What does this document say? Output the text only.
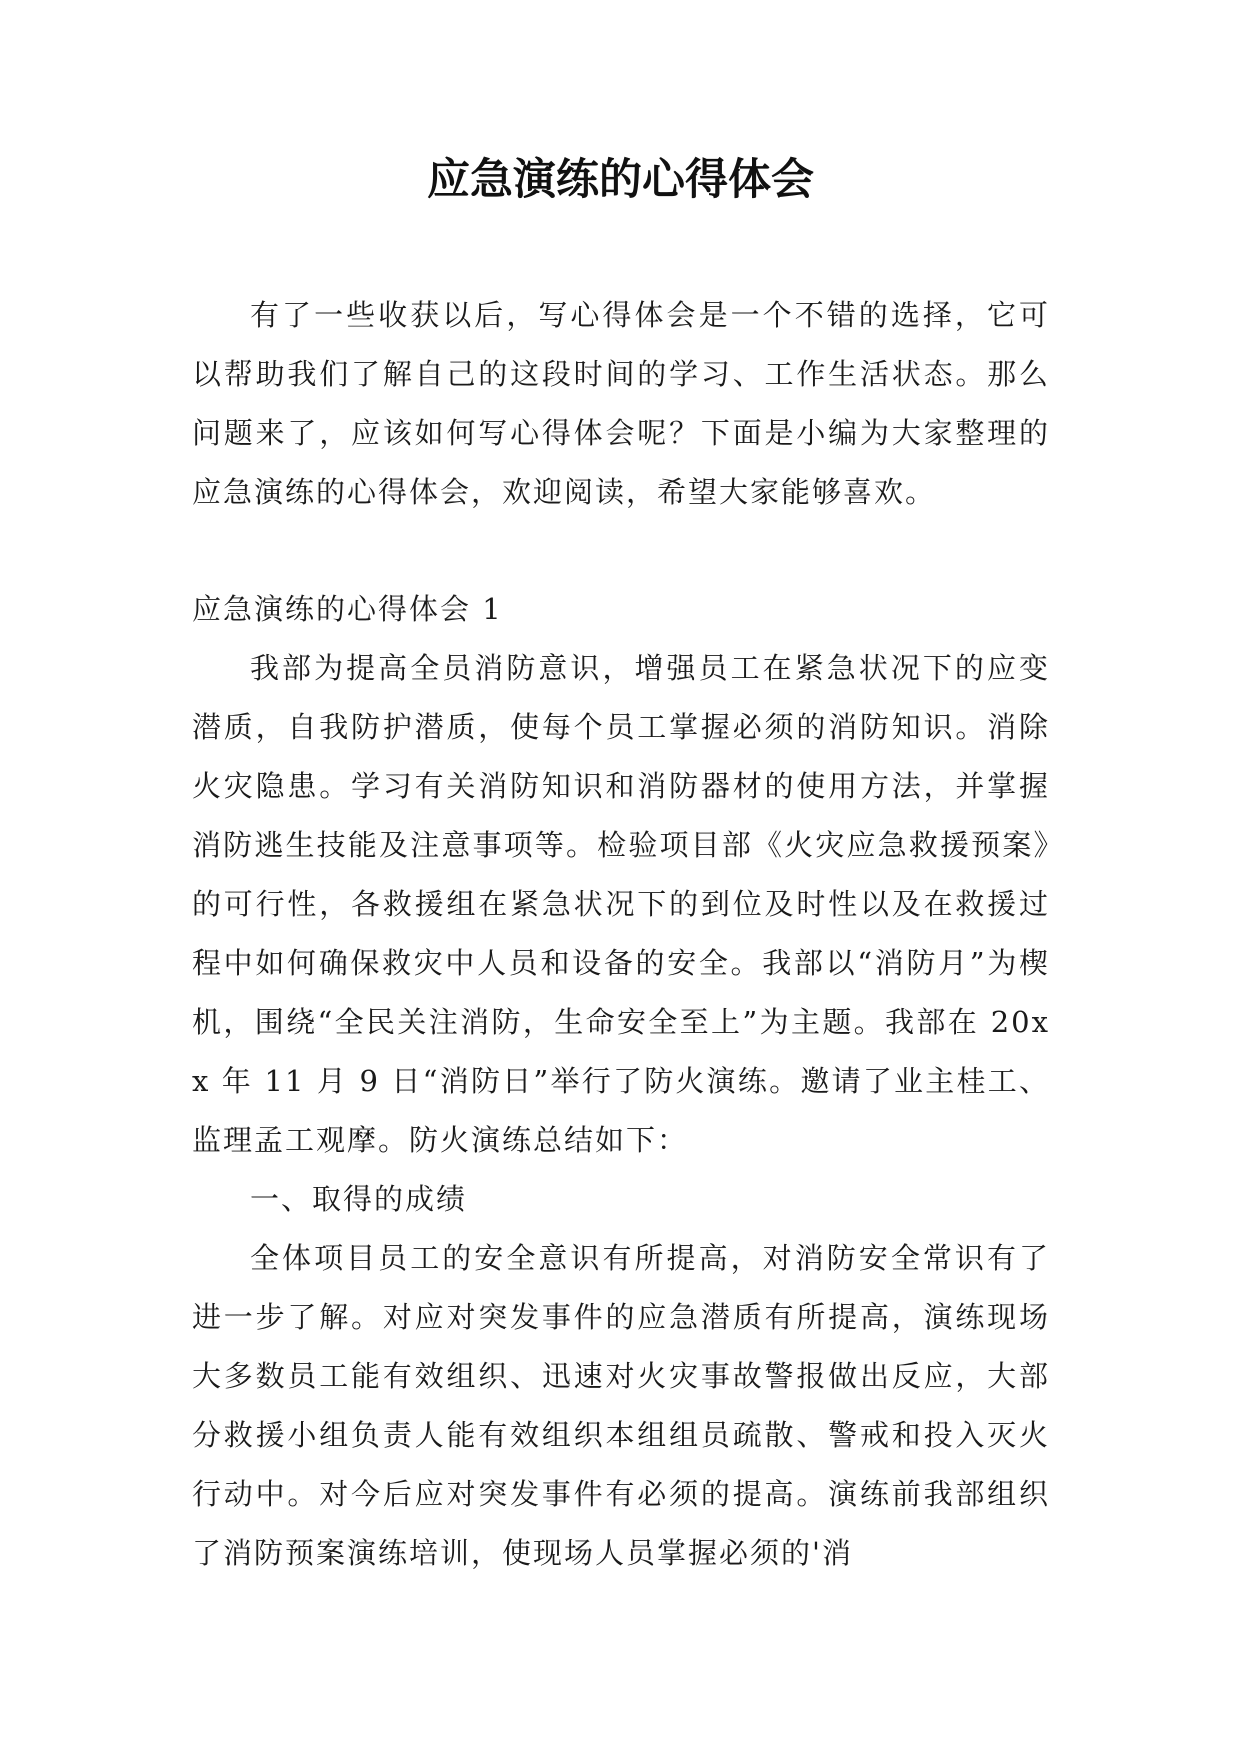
应急演练的心得体会

有了一些收获以后，写心得体会是一个不错的选择，它可以帮助我们了解自己的这段时间的学习、工作生活状态。那么问题来了，应该如何写心得体会呢？下面是小编为大家整理的应急演练的心得体会，欢迎阅读，希望大家能够喜欢。

应急演练的心得体会 1

我部为提高全员消防意识，增强员工在紧急状况下的应变潜质，自我防护潜质，使每个员工掌握必须的消防知识。消除火灾隐患。学习有关消防知识和消防器材的使用方法，并掌握消防逃生技能及注意事项等。检验项目部《火灾应急救援预案》的可行性，各救援组在紧急状况下的到位及时性以及在救援过程中如何确保救灾中人员和设备的安全。我部以“消防月”为楔机，围绕“全民关注消防，生命安全至上”为主题。我部在 20xx 年 11 月 9 日“消防日”举行了防火演练。邀请了业主桂工、监理孟工观摩。防火演练总结如下：

一、取得的成绩

全体项目员工的安全意识有所提高，对消防安全常识有了进一步了解。对应对突发事件的应急潜质有所提高，演练现场大多数员工能有效组织、迅速对火灾事故警报做出反应，大部分救援小组负责人能有效组织本组组员疏散、警戒和投入灭火行动中。对今后应对突发事件有必须的提高。演练前我部组织了消防预案演练培训，使现场人员掌握必须的'消
